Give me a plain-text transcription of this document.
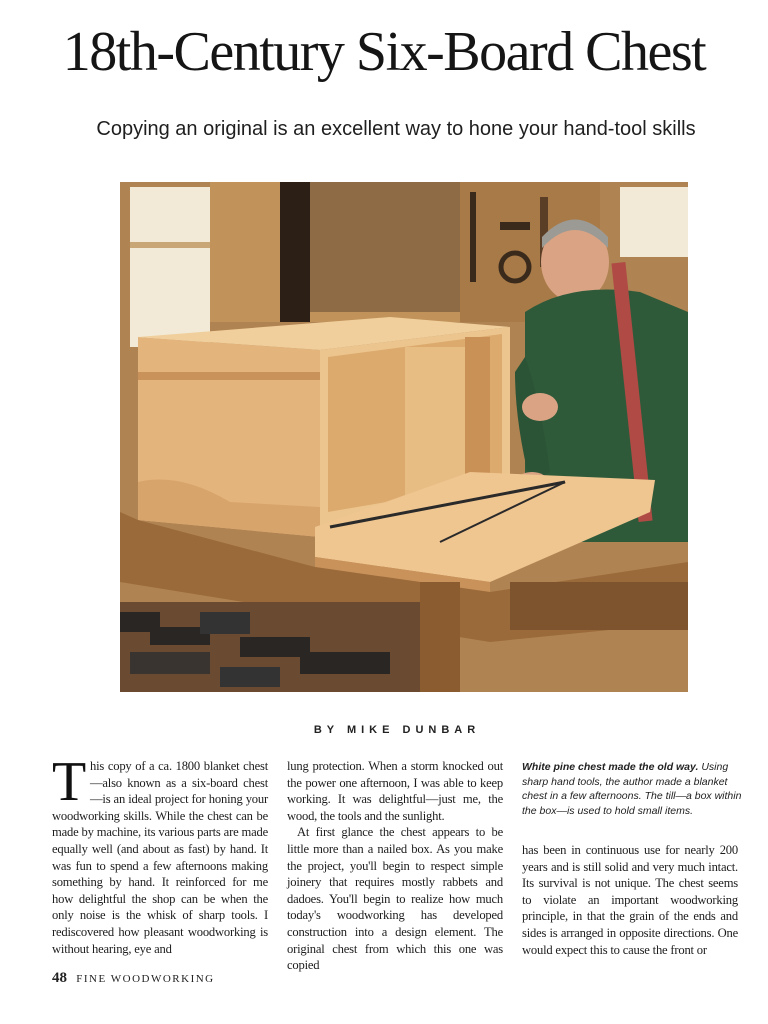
18th-Century Six-Board Chest

Copying an original is an excellent way to hone your hand-tool skills

BY MIKE DUNBAR

This copy of a ca. 1800 blanket chest—also known as a six-board chest—is an ideal project for honing your woodworking skills. While the chest can be made by machine, its various parts are made equally well (and about as fast) by hand. It was fun to spend a few afternoons making something by hand. It reinforced for me how delightful the shop can be when the only noise is the whisk of sharp tools. I rediscovered how pleasant woodworking is without hearing, eye and

lung protection. When a storm knocked out the power one afternoon, I was able to keep working. It was delightful—just me, the wood, the tools and the sunlight.

At first glance the chest appears to be little more than a nailed box. As you make the project, you'll begin to respect simple joinery that requires mostly rabbets and dadoes. You'll begin to realize how much today's woodworking has developed construction into a design element. The original chest from which this one was copied

White pine chest made the old way. Using sharp hand tools, the author made a blanket chest in a few afternoons. The till—a box within the box—is used to hold small items.

has been in continuous use for nearly 200 years and is still solid and very much intact. Its survival is not unique. The chest seems to violate an important woodworking principle, in that the grain of the ends and sides is arranged in opposite directions. One would expect this to cause the front or

48 FINE WOODWORKING
